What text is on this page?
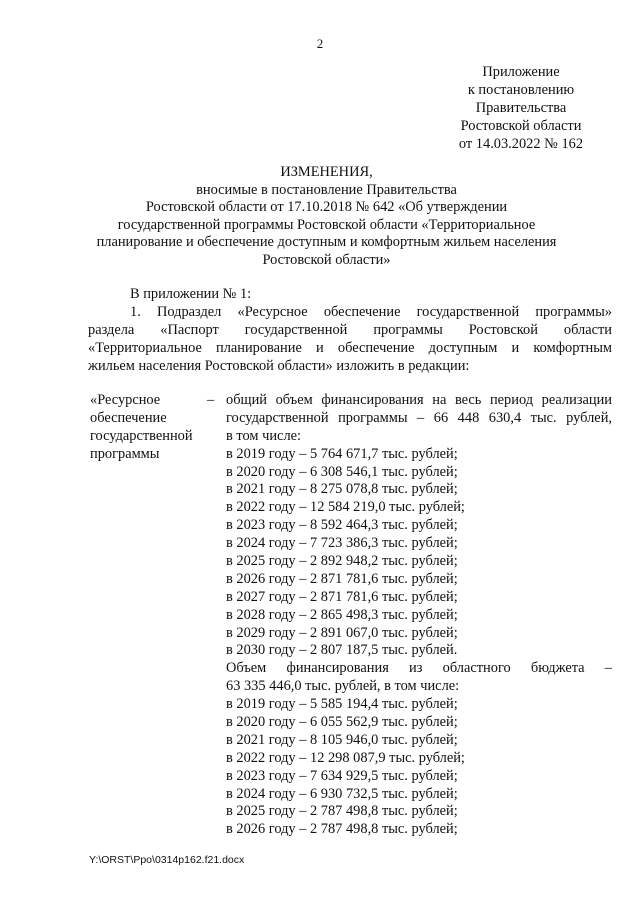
2
Приложение
к постановлению
Правительства
Ростовской области
от 14.03.2022 № 162
ИЗМЕНЕНИЯ,
вносимые в постановление Правительства
Ростовской области от 17.10.2018 № 642 «Об утверждении
государственной программы Ростовской области «Территориальное
планирование и обеспечение доступным и комфортным жильем населения
Ростовской области»
В приложении № 1:
1. Подраздел «Ресурсное обеспечение государственной программы»
раздела «Паспорт государственной программы Ростовской области
«Территориальное планирование и обеспечение доступным и комфортным
жильем населения Ростовской области» изложить в редакции:
«Ресурсное
обеспечение
государственной
программы
– общий объем финансирования на весь период реализации
государственной программы – 66 448 630,4 тыс. рублей,
в том числе:
в 2019 году – 5 764 671,7 тыс. рублей;
в 2020 году – 6 308 546,1 тыс. рублей;
в 2021 году – 8 275 078,8 тыс. рублей;
в 2022 году – 12 584 219,0 тыс. рублей;
в 2023 году – 8 592 464,3 тыс. рублей;
в 2024 году – 7 723 386,3 тыс. рублей;
в 2025 году – 2 892 948,2 тыс. рублей;
в 2026 году – 2 871 781,6 тыс. рублей;
в 2027 году – 2 871 781,6 тыс. рублей;
в 2028 году – 2 865 498,3 тыс. рублей;
в 2029 году – 2 891 067,0 тыс. рублей;
в 2030 году – 2 807 187,5 тыс. рублей.
Объем финансирования из областного бюджета –
63 335 446,0 тыс. рублей, в том числе:
в 2019 году – 5 585 194,4 тыс. рублей;
в 2020 году – 6 055 562,9 тыс. рублей;
в 2021 году – 8 105 946,0 тыс. рублей;
в 2022 году – 12 298 087,9 тыс. рублей;
в 2023 году – 7 634 929,5 тыс. рублей;
в 2024 году – 6 930 732,5 тыс. рублей;
в 2025 году – 2 787 498,8 тыс. рублей;
в 2026 году – 2 787 498,8 тыс. рублей;
Y:\ORST\Ppo\0314p162.f21.docx
